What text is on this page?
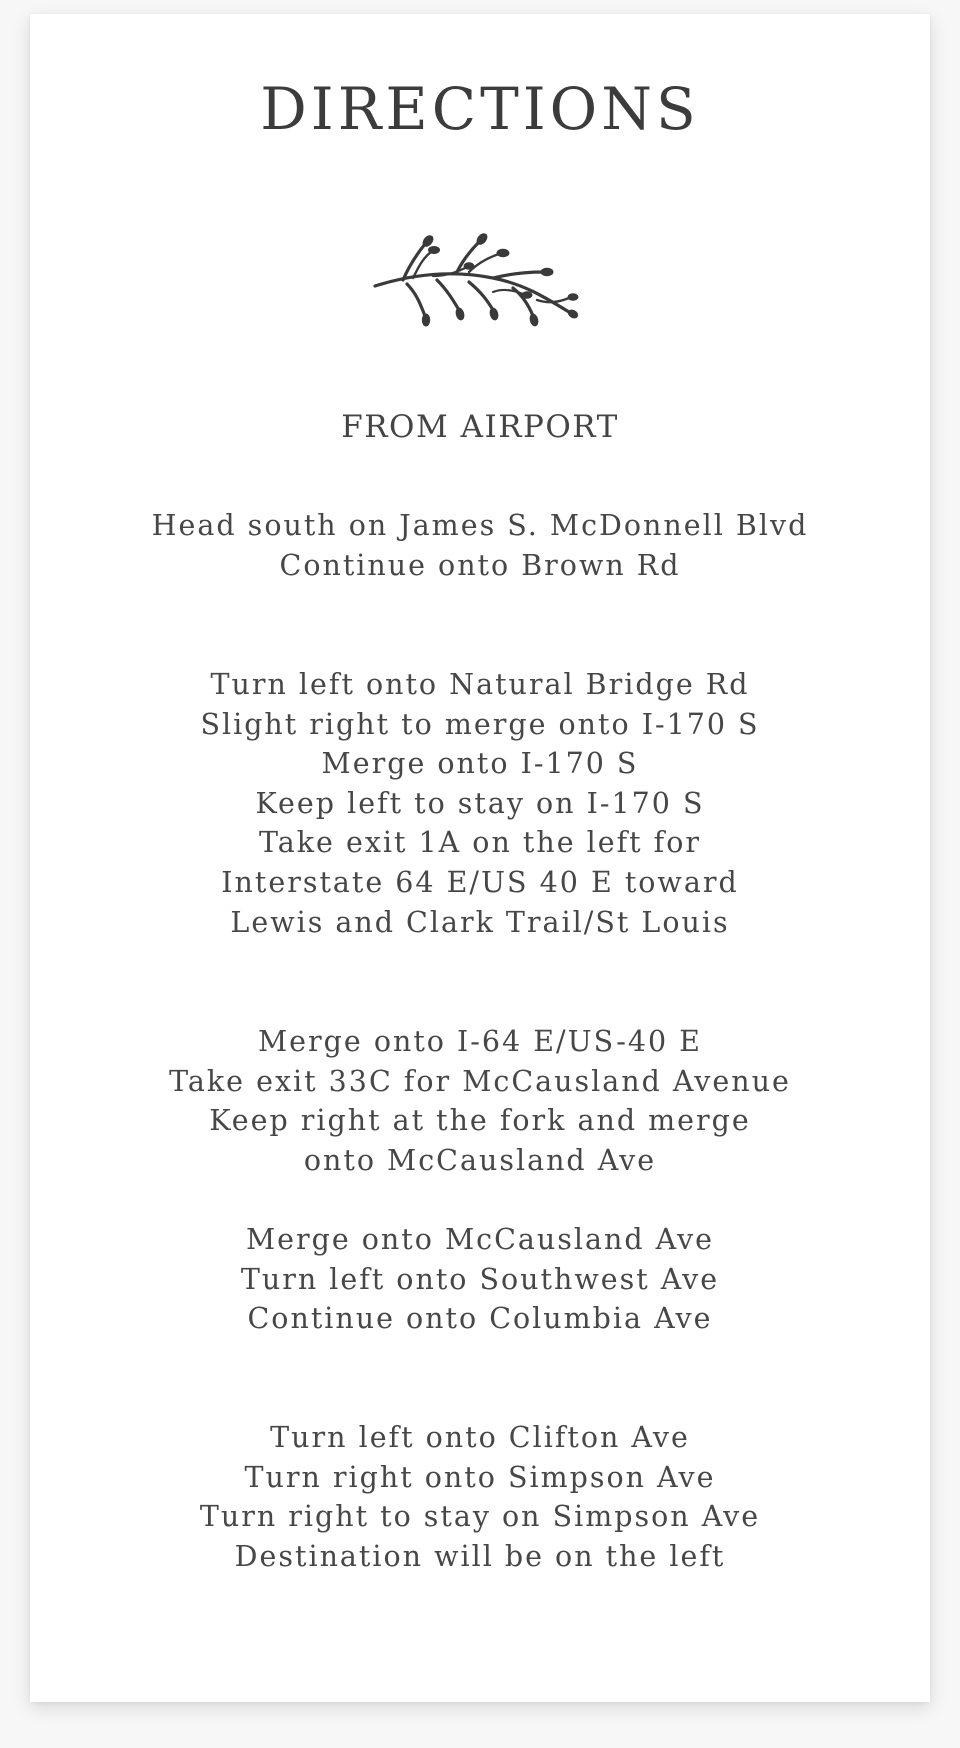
DIRECTIONS
FROM AIRPORT
Head south on James S. McDonnell Blvd
Continue onto Brown Rd
Turn left onto Natural Bridge Rd
Slight right to merge onto I-170 S
Merge onto I-170 S
Keep left to stay on I-170 S
Take exit 1A on the left for
Interstate 64 E/US 40 E toward
Lewis and Clark Trail/St Louis
Merge onto I-64 E/US-40 E
Take exit 33C for McCausland Avenue
Keep right at the fork and merge
onto McCausland Ave
Merge onto McCausland Ave
Turn left onto Southwest Ave
Continue onto Columbia Ave
Turn left onto Clifton Ave
Turn right onto Simpson Ave
Turn right to stay on Simpson Ave
Destination will be on the left
